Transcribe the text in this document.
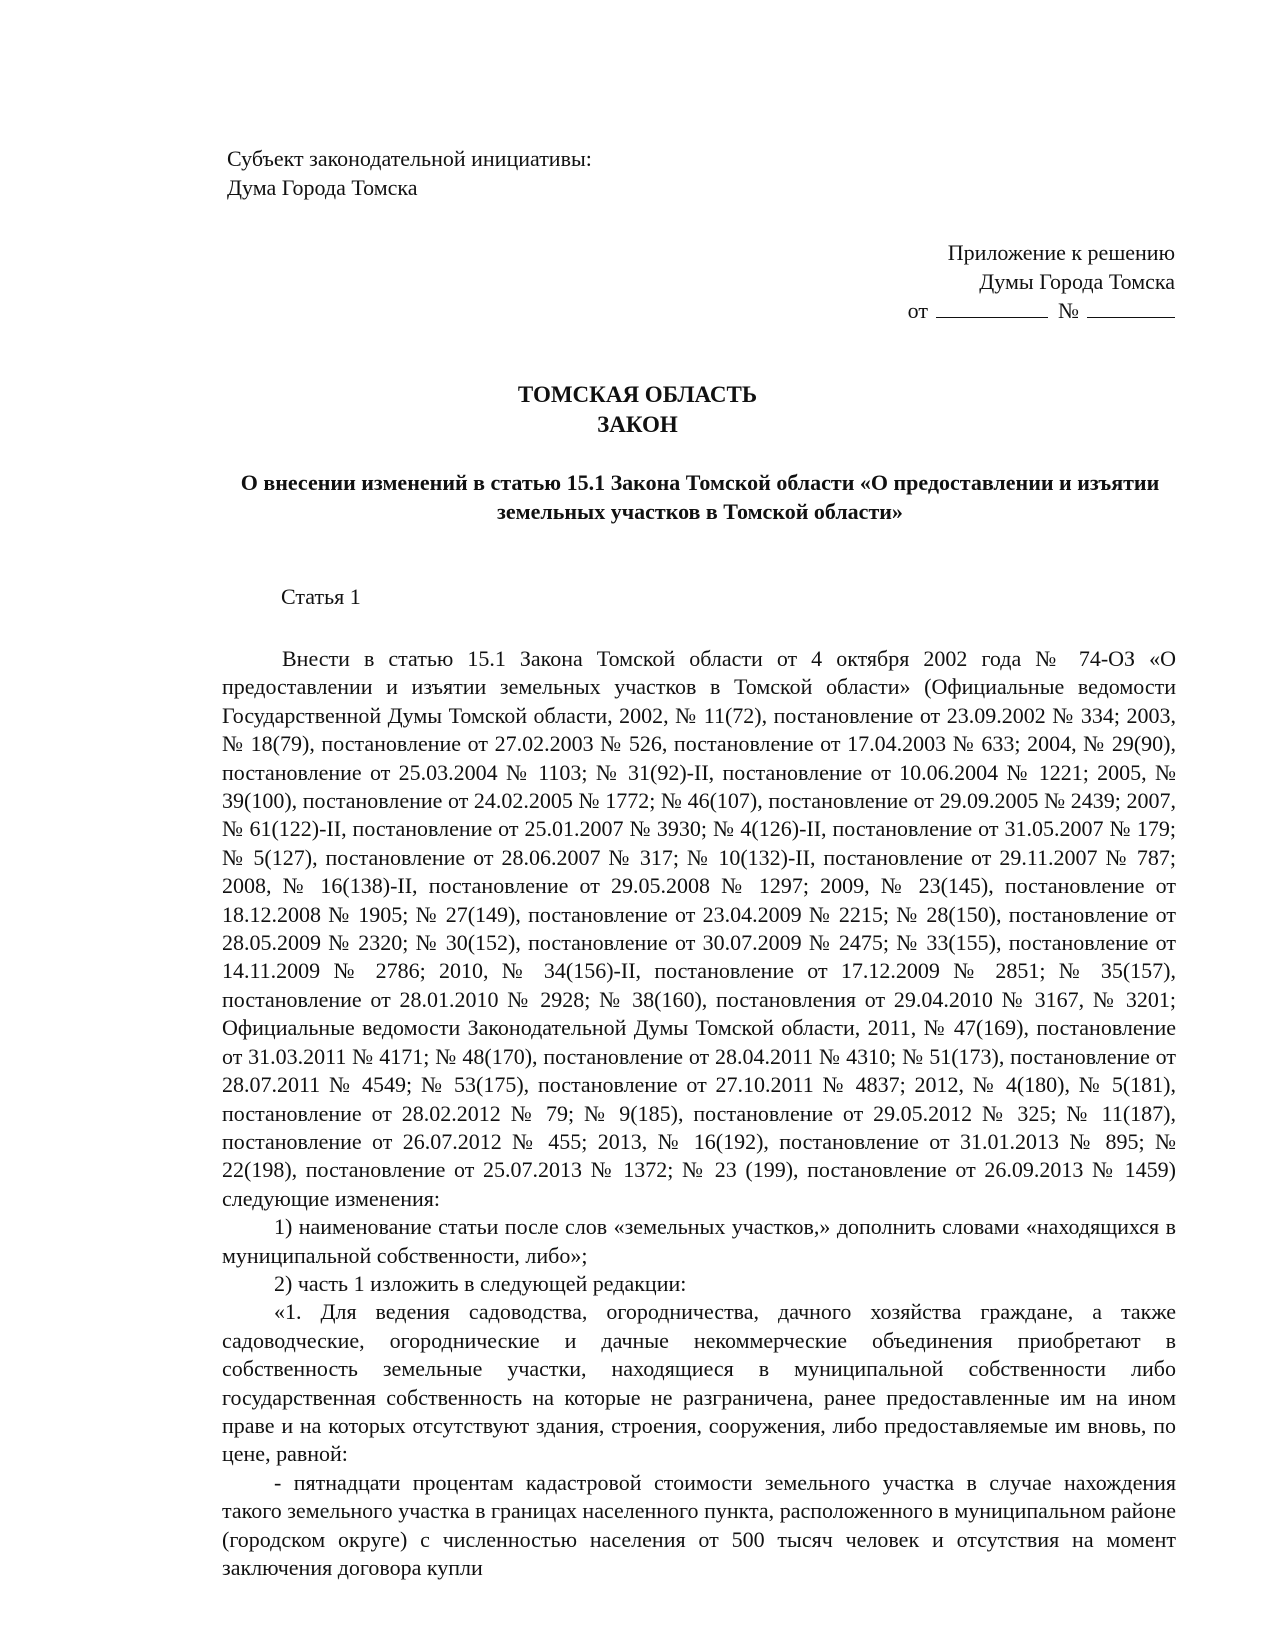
Субъект законодательной инициативы:
Дума Города Томска
Приложение к решению
Думы Города Томска
от	№
ТОМСКАЯ ОБЛАСТЬ
ЗАКОН
О внесении изменений в статью 15.1 Закона Томской области «О предоставлении и изъятии земельных участков в Томской области»
Статья 1

Внести в статью 15.1 Закона Томской области от 4 октября 2002 года № 74-ОЗ «О предоставлении и изъятии земельных участков в Томской области» (Официальные ведомости Государственной Думы Томской области, 2002, № 11(72), постановление от 23.09.2002 № 334; 2003, № 18(79), постановление от 27.02.2003 № 526, постановление от 17.04.2003 № 633; 2004, № 29(90), постановление от 25.03.2004 № 1103; № 31(92)-II, постановление от 10.06.2004 № 1221; 2005, № 39(100), постановление от 24.02.2005 № 1772; № 46(107), постановление от 29.09.2005 № 2439; 2007, № 61(122)-II, постановление от 25.01.2007 № 3930; № 4(126)-II, постановление от 31.05.2007 № 179; № 5(127), постановление от 28.06.2007 № 317; № 10(132)-II, постановление от 29.11.2007 № 787; 2008, № 16(138)-II, постановление от 29.05.2008 № 1297; 2009, № 23(145), постановление от 18.12.2008 № 1905; № 27(149), постановление от 23.04.2009 № 2215; № 28(150), постановление от 28.05.2009 № 2320; № 30(152), постановление от 30.07.2009 № 2475; № 33(155), постановление от 14.11.2009 № 2786; 2010, № 34(156)-II, постановление от 17.12.2009 № 2851; № 35(157), постановление от 28.01.2010 № 2928; № 38(160), постановления от 29.04.2010 № 3167, № 3201; Официальные ведомости Законодательной Думы Томской области, 2011, № 47(169), постановление от 31.03.2011 № 4171; № 48(170), постановление от 28.04.2011 № 4310; № 51(173), постановление от 28.07.2011 № 4549; № 53(175), постановление от 27.10.2011 № 4837; 2012, № 4(180), № 5(181), постановление от 28.02.2012 № 79; № 9(185), постановление от 29.05.2012 № 325; № 11(187), постановление от 26.07.2012 № 455; 2013, № 16(192), постановление от 31.01.2013 № 895; № 22(198), постановление от 25.07.2013 № 1372; № 23 (199), постановление от 26.09.2013 № 1459) следующие изменения:

1) наименование статьи после слов «земельных участков,» дополнить словами «находящихся в муниципальной собственности, либо»;

2) часть 1 изложить в следующей редакции:

«1. Для ведения садоводства, огородничества, дачного хозяйства граждане, а также садоводческие, огороднические и дачные некоммерческие объединения приобретают в собственность земельные участки, находящиеся в муниципальной собственности либо государственная собственность на которые не разграничена, ранее предоставленные им на ином праве и на которых отсутствуют здания, строения, сооружения, либо предоставляемые им вновь, по цене, равной:

- пятнадцати процентам кадастровой стоимости земельного участка в случае нахождения такого земельного участка в границах населенного пункта, расположенного в муниципальном районе (городском округе) с численностью населения от 500 тысяч человек и отсутствия на момент заключения договора купли
